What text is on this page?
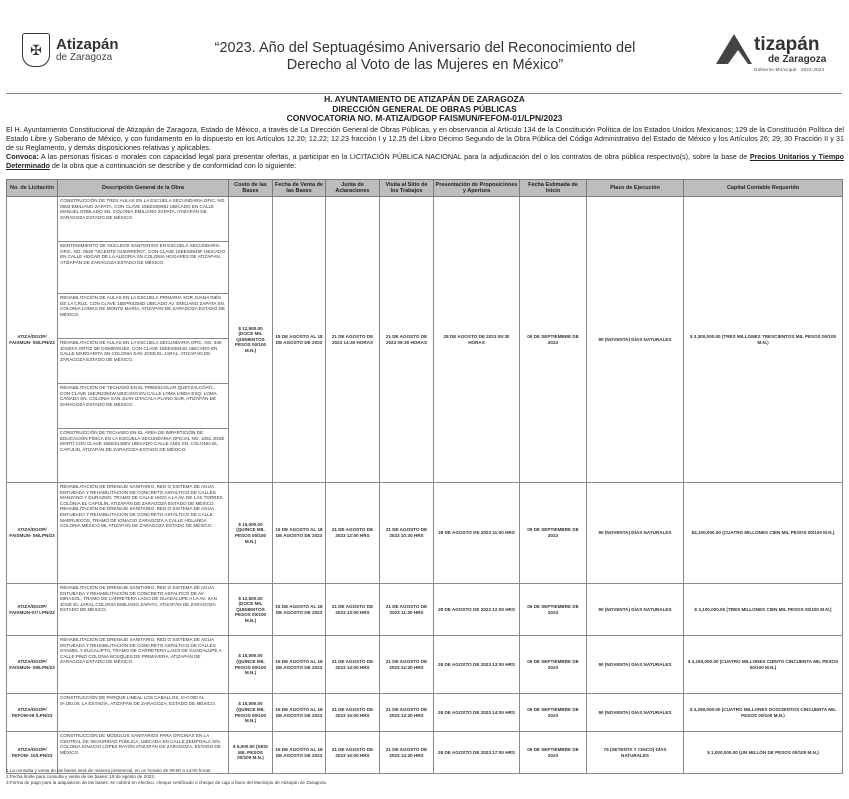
✠ Atizapán
de Zaragoza
“2023. Año del Septuagésimo Aniversario del Reconocimiento del Derecho al Voto de las Mujeres en México”
tizapán
de Zaragoza
Gobierno Municipal · 2022-2024
H. AYUNTAMIENTO DE ATIZAPÁN DE ZARAGOZA
DIRECCIÓN GENERAL DE OBRAS PÚBLICAS
CONVOCATORIA NO. M-ATIZA/DGOP FAISMUN/FEFOM-01/LPN/2023
El H. Ayuntamiento Constitucional de Atizapán de Zaragoza, Estado de México, a través de La Dirección General de Obras Públicas, y en observancia al Artículo 134 de la Constitución Política de los Estados Unidos Mexicanos; 129 de la Constitución Política del Estado Libre y Soberano de México, y con fundamento en lo dispuesto en los Artículos 12.20; 12.22; 12.23 fracción I y 12.25 del Libro Décimo Segundo de la Obra Pública del Código Administrativo del Estado de México y los Artículos 26; 29; 30 Fracción II y 31 de su Reglamento, y demás disposiciones relativas y aplicables.
Convoca: A las personas físicas o morales con capacidad legal para presentar ofertas, a participar en la LICITACIÓN PÚBLICA NACIONAL para la adjudicación del o los contratos de obra pública respectivo(s), sobre la base de Precios Unitarios y Tiempo Determinado de la obra que a continuación se describe y de conformidad con lo siguiente:
No. de Licitación	Descripción General de la Obra	Costo de las Bases	Fecha de Venta de las Bases	Junta de Aclaraciones	Visita al Sitio de los Trabajos	Presentación de Proposiciones y Apertura	Fecha Estimada de Inicio	Plazo de Ejecución	Capital Contable Requerido
ATIZA/DGOP/ FAISMUN- 05/LPN/23	CONSTRUCCIÓN DE TRES AULAS EN LA ESCUELA SECUNDARIA OFIC. NO. 0693 EMILIANO ZAPATA, CON CLAVE 15EES0098J UBICADO EN CALLE MANUEL DOBLADO SN. COLONIA EMILIANO ZAPATA, ATIZAPÁN DE ZARAGOZA ESTADO DE MÉXICO.	$ 12,500.00 (DOCE MIL QUINIENTOS PESOS 00/100 M.N.)	15 DE AGOSTO AL 18 DE AGOSTO DE 2023	21 DE AGOSTO DE 2023 14:30 HORAS	21 DE AGOSTO DE 2023 09:30 HORAS	28 DE AGOSTO DE 2023 09:30 HORAS	05 DE SEPTIEMBRE DE 2023	90 (NOVENTA) DÍAS NATURALES	$ 3,300,000.00 (TRES MILLONES TRESCIENTOS MIL PESOS 00/100 M.N.)
	MANTENIMIENTO DE NÚCLEOS SANITARIOS EN ESCUELA SECUNDARIA OFIC. NO. 0540 "VICENTE GUERRERO", CON CLAVE 15EES0645F UBICADO EN CALLE HOGAR DE LA ALEGRÍA SN COLONIA HOGARES DE ATIZAPÁN, ATIZAPÁN DE ZARAGOZA ESTADO DE MÉXICO.								
	REHABILITACIÓN DE AULAS EN LA ESCUELA PRIMARIA SOR JUANA INÉS DE LA CRUZ, CON CLAVE 15EPR4326D UBICADO AV. EMILIANO ZAPATA SN. COLONIA LOMAS DE MONTE MARÍA, ATIZAPÁN DE ZARAGOZA ESTADO DE MÉXICO.								
	REHABILITACIÓN DE AULAS EN LA ESCUELA SECUNDARIA OFIC. NO. 346 JOSEFA ORTIZ DE DOMÍNGUEZ, CON CLAVE 15EES0844G UBICADO EN CALLE MARGARITA SN COLONIA SAN JOSÉ EL JARAL, ATIZAPÁN DE ZARAGOZA ESTADO DE MÉXICO.								
	REHABILITACIÓN DE TECHADO EN EL PREESCOLAR QUETZALCÓATL, CON CLAVE 15EJN2354W UBICADO EN CALLE LOMA LINDA ESQ. LOMA CAÑADA SN. COLONIA SAN JUAN IZTACALA PLANO SUR, ATIZAPÁN DE ZARAGOZA ESTADO DE MÉXICO.								
	CONSTRUCCIÓN DE TECHADO EN EL ÁREA DE IMPARTICIÓN DE EDUCACIÓN FÍSICA EN LA ESCUELA SECUNDARIA OFICIAL NO. 1051 JOSÉ MARTÍ CON CLAVE 15EES1380V UBICADO CALLE ANÍS SN. COLONIA EL CAPULÍN, ATIZAPÁN DE ZARAGOZA ESTADO DE MÉXICO.								
ATIZA/DGOP/ FAISMUN- 06/LPN/23	REHABILITACIÓN DE DRENAJE SANITARIO, RED O SISTEMA DE AGUA ENTUBADA Y REHABILITACIÓN DE CONCRETO ASFALTICO DE CALLES MANZANO Y DURAZNO, TRAMO DE CALLE HIGO A LA AV. DE LAS TORRES COLONIA EL CAPULÍN, ATIZAPÁN DE ZARAGOZA ESTADO DE MÉXICO. REHABILITACIÓN DE DRENAJE SANITARIO, RED O SISTEMA DE AGUA ENTUBADA Y REHABILITACIÓN DE CONCRETO ASFALTICO DE CALLE MARRUECOS, TRAMO DE IGNACIO ZARAGOZA A CALLE HOLANDA COLONIA MÉXICO 86, ATIZAPÁN DE ZARAGOZA ESTADO DE MÉXICO.	$ 15,000.00 (QUINCE MIL PESOS 00/100 M.N.)	15 DE AGOSTO AL 18 DE AGOSTO DE 2023	21 DE AGOSTO DE 2023 12:00 HRS	21 DE AGOSTO DE 2023 10:30 HRS	28 DE AGOSTO DE 2023 11:00 HRS	05 DE SEPTIEMBRE DE 2023	90 (NOVENTA) DÍAS NATURALES	$4,100,000.00 (CUATRO MILLONES CIEN MIL PESOS 00/100 M.N.)
ATIZA/DGOP/ FAISMUN-07/ LPN/23	REHABILITACIÓN DE DRENAJE SANITARIO, RED O SISTEMA DE AGUA ENTUBADA Y REHABILITACIÓN DE CONCRETO ASFALTICO DE AV. MIRASOL, TRAMO DE CARRETERA LAGO DE GUADALUPE A LA AV. SAN JOSÉ EL JARAL COLONIA EMILIANO ZAPATA, ATIZAPÁN DE ZARAGOZA ESTADO DE MÉXICO.	$ 12,500.00 (DOCE MIL QUINIENTOS PESOS 00/100 M.N.)	15 DE AGOSTO AL 18 DE AGOSTO DE 2023	21 DE AGOSTO DE 2023 13:00 HRS	21 DE AGOSTO DE 2023 11:30 HRS	28 DE AGOSTO DE 2023 12:00 HRS	05 DE SEPTIEMBRE DE 2023	90 (NOVENTA) DÍAS NATURALES	$ 3,100,000.00 (TRES MILLONES CIEN MIL PESOS 00/100 M.N.)
ATIZA/DGOP/ FAISMUN- 08/LPN/23	REHABILITACIÓN DE DRENAJE SANITARIO, RED O SISTEMA DE AGUA ENTUBADA Y REHABILITACIÓN DE CONCRETO ASFALTICO DE CALLES OYAMEL Y EUCALIPTO, TRAMO DE CARRETERA LAGO DE GUADALUPE A CALLE PINO COLONIA BOSQUES DE PRIMAVERA, ATIZAPÁN DE ZARAGOZA ESTADO DE MÉXICO.	$ 15,000.00 (QUINCE MIL PESOS 00/100 M.N.)	15 DE AGOSTO AL 18 DE AGOSTO DE 2023	21 DE AGOSTO DE 2023 14:00 HRS	21 DE AGOSTO DE 2023 12:30 HRS	28 DE AGOSTO DE 2023 13:00 HRS	05 DE SEPTIEMBRE DE 2023	90 (NOVENTA) DÍAS NATURALES	$ 4,150,000.00 (CUATRO MILLONES CIENTO CINCUENTA MIL PESOS 00/100 M.N.)
ATIZA/DGOP/ FEFOM-09 /LPN/23	CONSTRUCCIÓN DE PARQUE LINEAL LOS CABALLOS, 0+0.000 AL 0+180.00, LA ESTADÍA, ATIZAPÁN DE ZARAGOZA, ESTADO DE MÉXICO.	$ 15,000.00 (QUINCE MIL PESOS 00/100 M.N.)	15 DE AGOSTO AL 18 DE AGOSTO DE 2023	21 DE AGOSTO DE 2023 15:00 HRS	21 DE AGOSTO DE 2023 13:30 HRS	28 DE AGOSTO DE 2023 14:00 HRS	05 DE SEPTIEMBRE DE 2023	90 (NOVENTA) DÍAS NATURALES	$ 4,250,000.00 (CUATRO MILLONES DOSCIENTOS CINCUENTA MIL PESOS 00/100 M.N.)
ATIZA/DGOP/ FEFOM- 10/LPN/23	CONSTRUCCIÓN DE MÓDULOS SANITARIOS PARA OFICINAS EN LA CENTRAL DE SEGURIDAD PÚBLICA, UBICADA EN CALLE ZEMPOALA S/N. COLONIA IGNACIO LÓPEZ RAYÓN ATIZAPÁN DE ZARAGOZA, ESTADO DE MÉXICO.	$ 6,000.00 (SEIS MIL PESOS 00/100 M.N.)	15 DE AGOSTO AL 18 DE AGOSTO DE 2023	21 DE AGOSTO DE 2023 16:00 HRS	21 DE AGOSTO DE 2023 14:30 HRS	28 DE AGOSTO DE 2023 17:00 HRS	05 DE SEPTIEMBRE DE 2023	75 (SETENTA Y CINCO) DÍAS NATURALES	$ 1,000,000.00 (UN MILLÓN DE PESOS 00/100 M.N.)
1.La consulta y venta de las bases será de manera presencial, en un horario de 09:00 a 14:00 horas.
2.Fecha límite para consulta y venta de las bases: 18 de agosto de 2023.
3.Forma de pago para la adquisición de las bases: se cubrirá en efectivo, cheque certificado o cheque de caja a favor del Municipio de Atizapán de Zaragoza.
